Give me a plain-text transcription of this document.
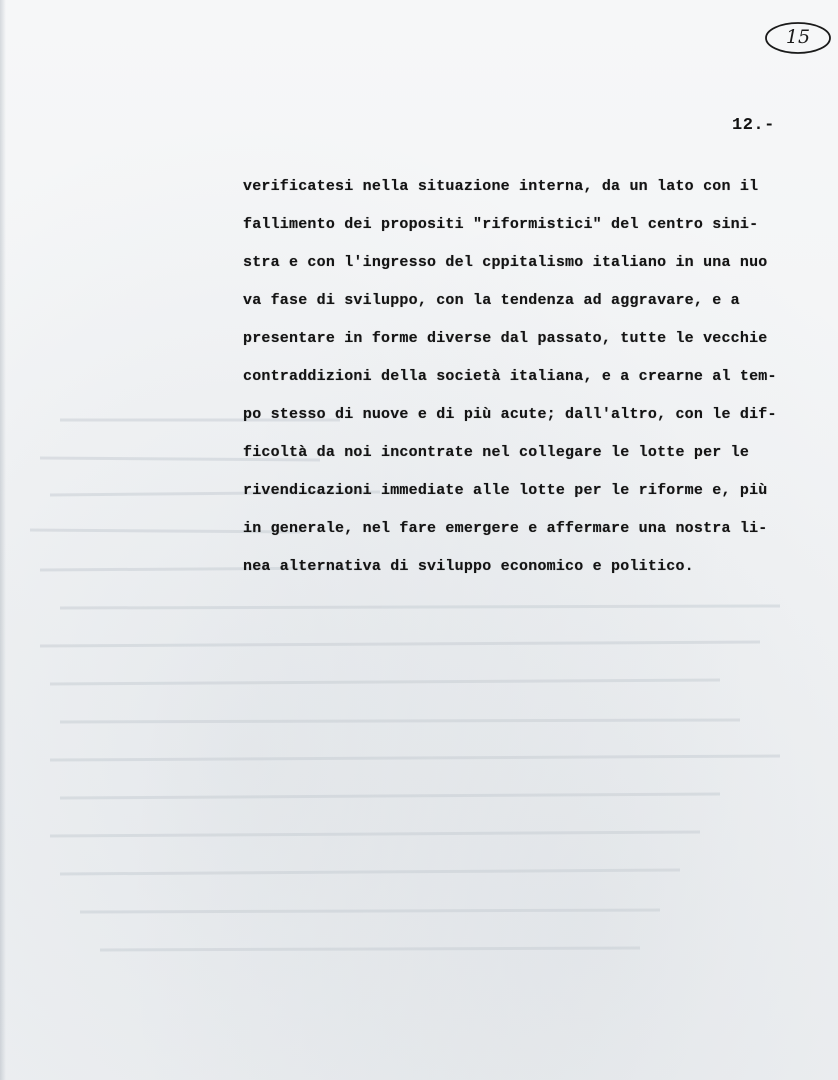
15
12.-
verificatesi nella situazione interna, da un lato con il
fallimento dei propositi "riformistici" del centro sini-
stra e con l'ingresso del cppitalismo italiano in una nuo
va fase di sviluppo, con la tendenza ad aggravare, e a
presentare in forme diverse dal passato, tutte le vecchie
contraddizioni della società italiana, e a crearne al tem-
po stesso di nuove e di più acute; dall'altro, con le dif-
ficoltà da noi incontrate nel collegare le lotte per le
rivendicazioni immediate alle lotte per le riforme e, più
in generale, nel fare emergere e affermare una nostra li-
nea alternativa di sviluppo economico e politico.
